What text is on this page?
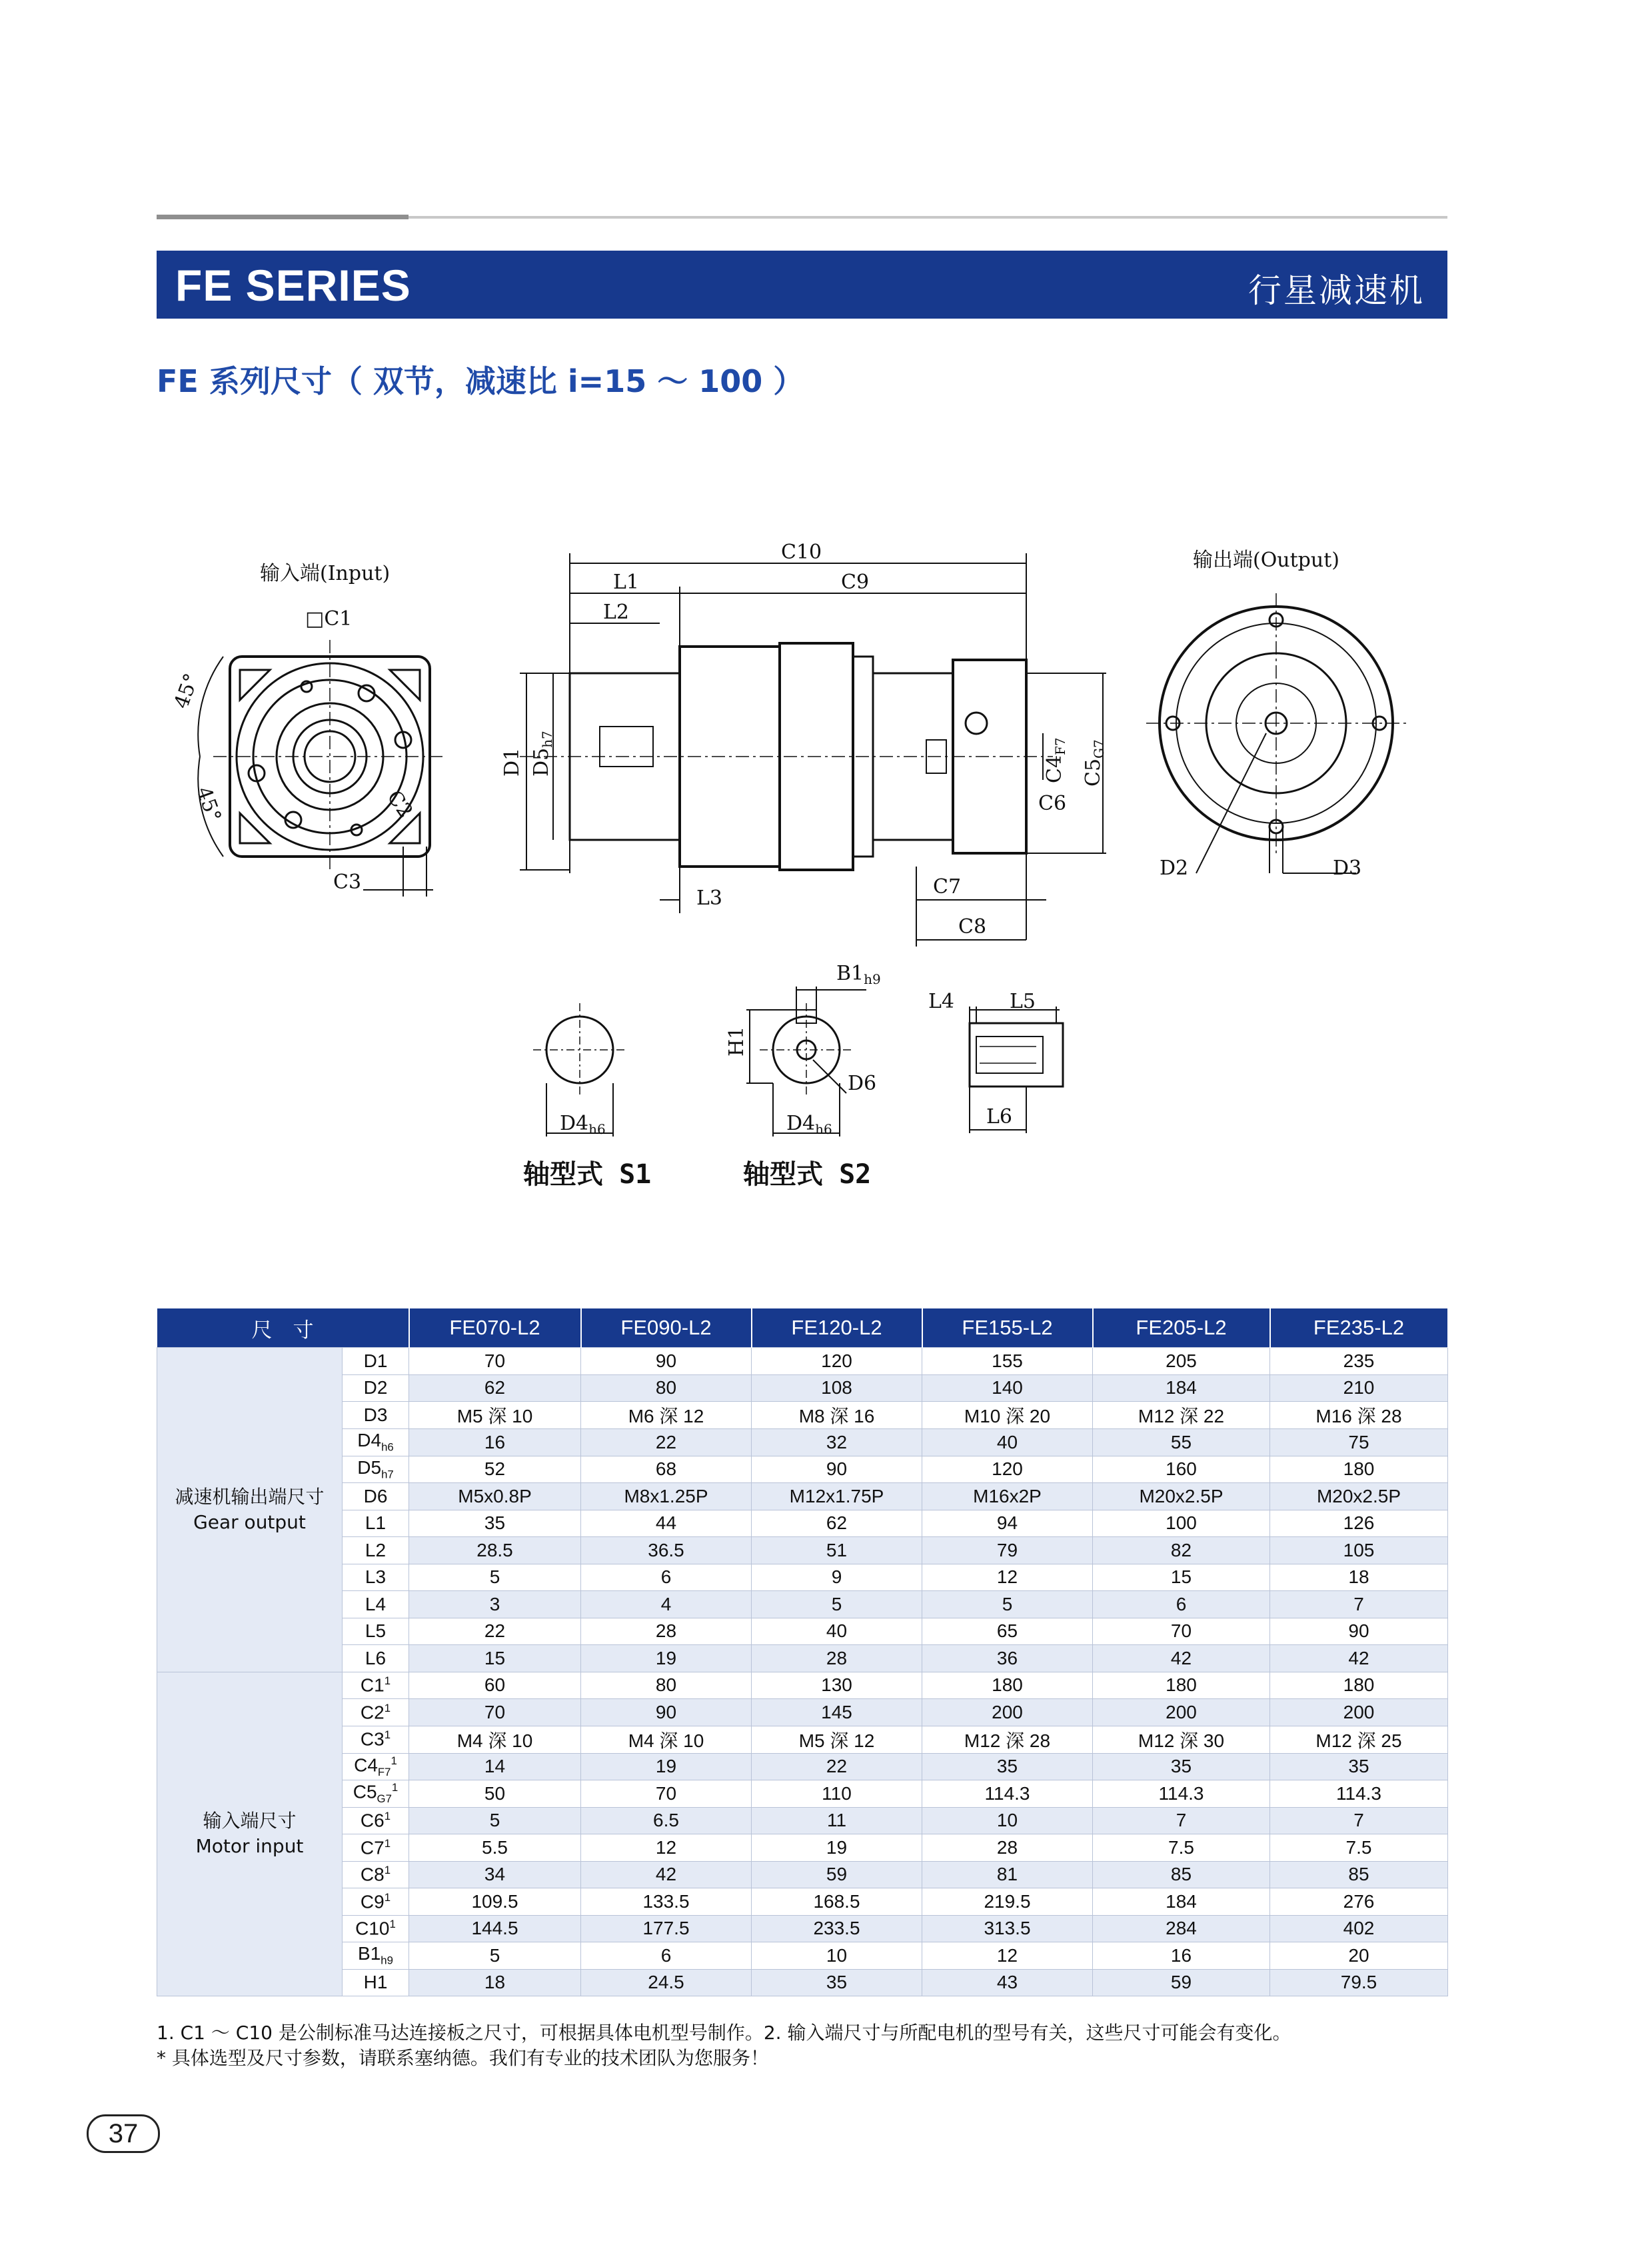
FE SERIES	行星减速机
FE 系列尺寸（ 双节，减速比 i=15 ～ 100 ）
输入端(Input)
输出端(Output)
□C1
45°
45°	C2
C3
C10
C9
L1
L2
D1 $D5_{h7}$
$C4_{F7}$
$C5_{G7}$
C6
L3	C7
C8
D2	D3
$D4_{h6}$	$D4_{h6}$
$B1_{h9}$
H1
D6
L4	L5
L6
轴型式 S1	轴型式 S2
尺　寸		FE070-L2	FE090-L2	FE120-L2	FE155-L2	FE205-L2	FE235-L2

减速机输出端尺寸
Gear output	D1	70	90	120	155	205	235
	D2	62	80	108	140	184	210
	D3	M5 深 10	M6 深 12	M8 深 16	M10 深 20	M12 深 22	M16 深 28
	$D4_{h6}$	16	22	32	40	55	75
	$D5_{h7}$	52	68	90	120	160	180
	D6	M5x0.8P	M8x1.25P	M12x1.75P	M16x2P	M20x2.5P	M20x2.5P
	L1	35	44	62	94	100	126
	L2	28.5	36.5	51	79	82	105
	L3	5	6	9	12	15	18
	L4	3	4	5	5	6	7
	L5	22	28	40	65	70	90
	L6	15	19	28	36	42	42

输入端尺寸
Motor input	$C1^1$	60	80	130	180	180	180
	$C2^1$	70	90	145	200	200	200
	$C3^1$	M4 深 10	M4 深 10	M5 深 12	M12 深 28	M12 深 30	M12 深 25
	$C4_{F7}^1$	14	19	22	35	35	35
	$C5_{G7}^1$	50	70	110	114.3	114.3	114.3
	$C6^1$	5	6.5	11	10	7	7
	$C7^1$	5.5	12	19	28	7.5	7.5
	$C8^1$	34	42	59	81	85	85
	$C9^1$	109.5	133.5	168.5	219.5	184	276
	$C10^1$	144.5	177.5	233.5	313.5	284	402
	$B1_{h9}$	5	6	10	12	16	20
	H1	18	24.5	35	43	59	79.5
1. C1 ～ C10 是公制标准马达连接板之尺寸，可根据具体电机型号制作。2. 输入端尺寸与所配电机的型号有关，这些尺寸可能会有变化。
* 具体选型及尺寸参数，请联系塞纳德。我们有专业的技术团队为您服务！
37
